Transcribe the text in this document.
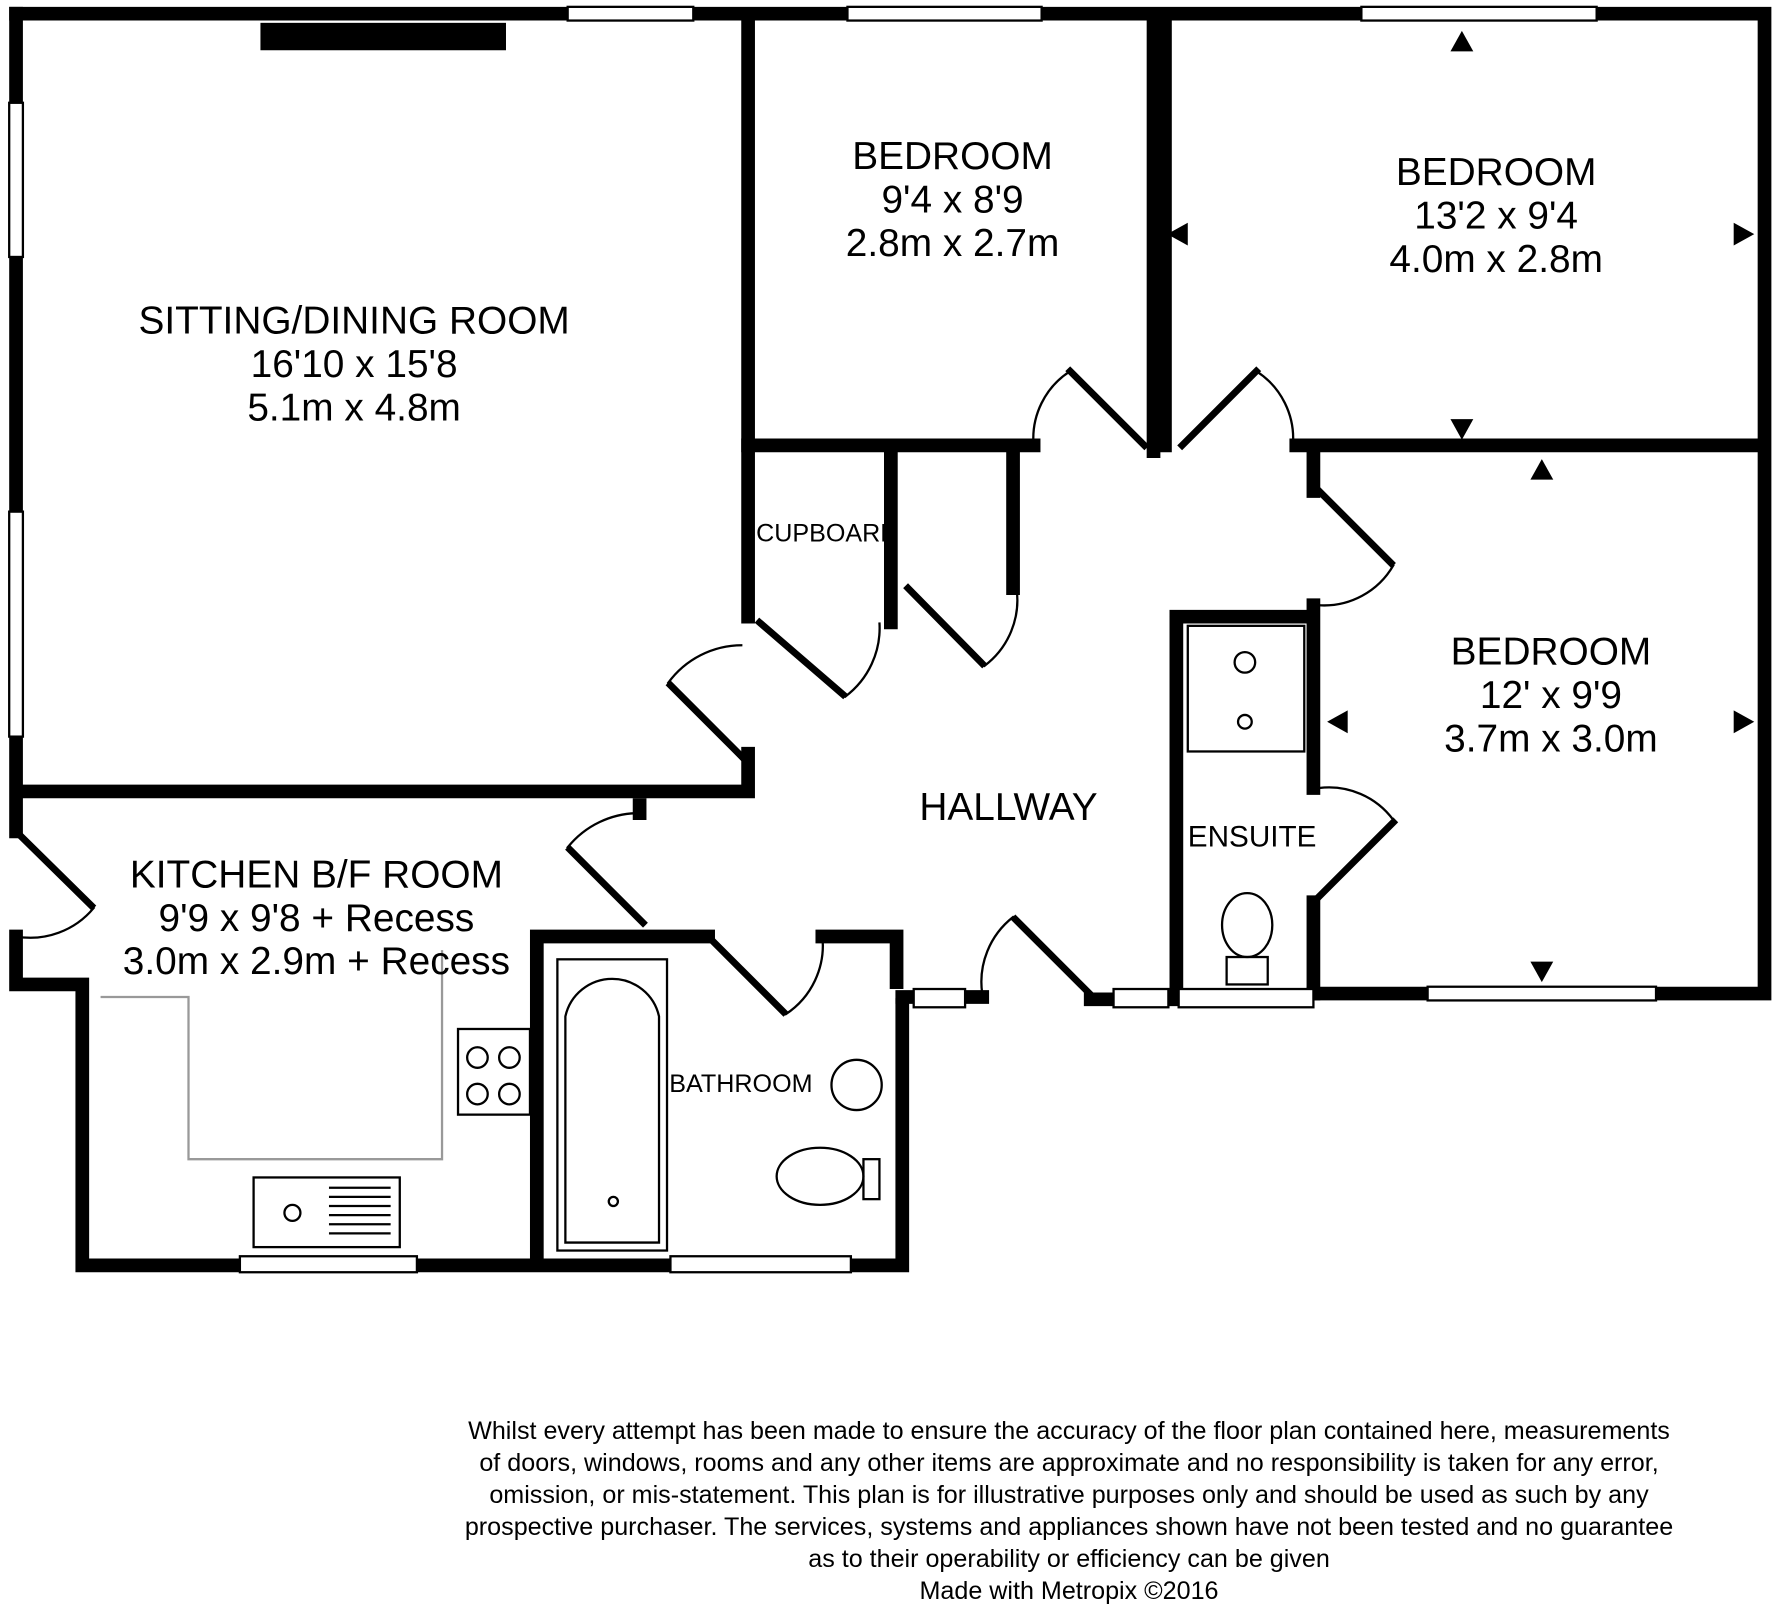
SITTING/DINING ROOM
16'10 x 15'8
5.1m x 4.8m
BEDROOM
9'4 x 8'9
2.8m x 2.7m
BEDROOM
13'2 x 9'4
4.0m x 2.8m
BEDROOM
12' x 9'9
3.7m x 3.0m
KITCHEN B/F ROOM
9'9 x 9'8 + Recess
3.0m x 2.9m + Recess
HALLWAY
CUPBOARD
ENSUITE
BATHROOM
Whilst every attempt has been made to ensure the accuracy of the floor plan contained here, measurements
of doors, windows, rooms and any other items are approximate and no responsibility is taken for any error,
omission, or mis-statement. This plan is for illustrative purposes only and should be used as such by any
prospective purchaser. The services, systems and appliances shown have not been tested and no guarantee
as to their operability or efficiency can be given
Made with Metropix ©2016
